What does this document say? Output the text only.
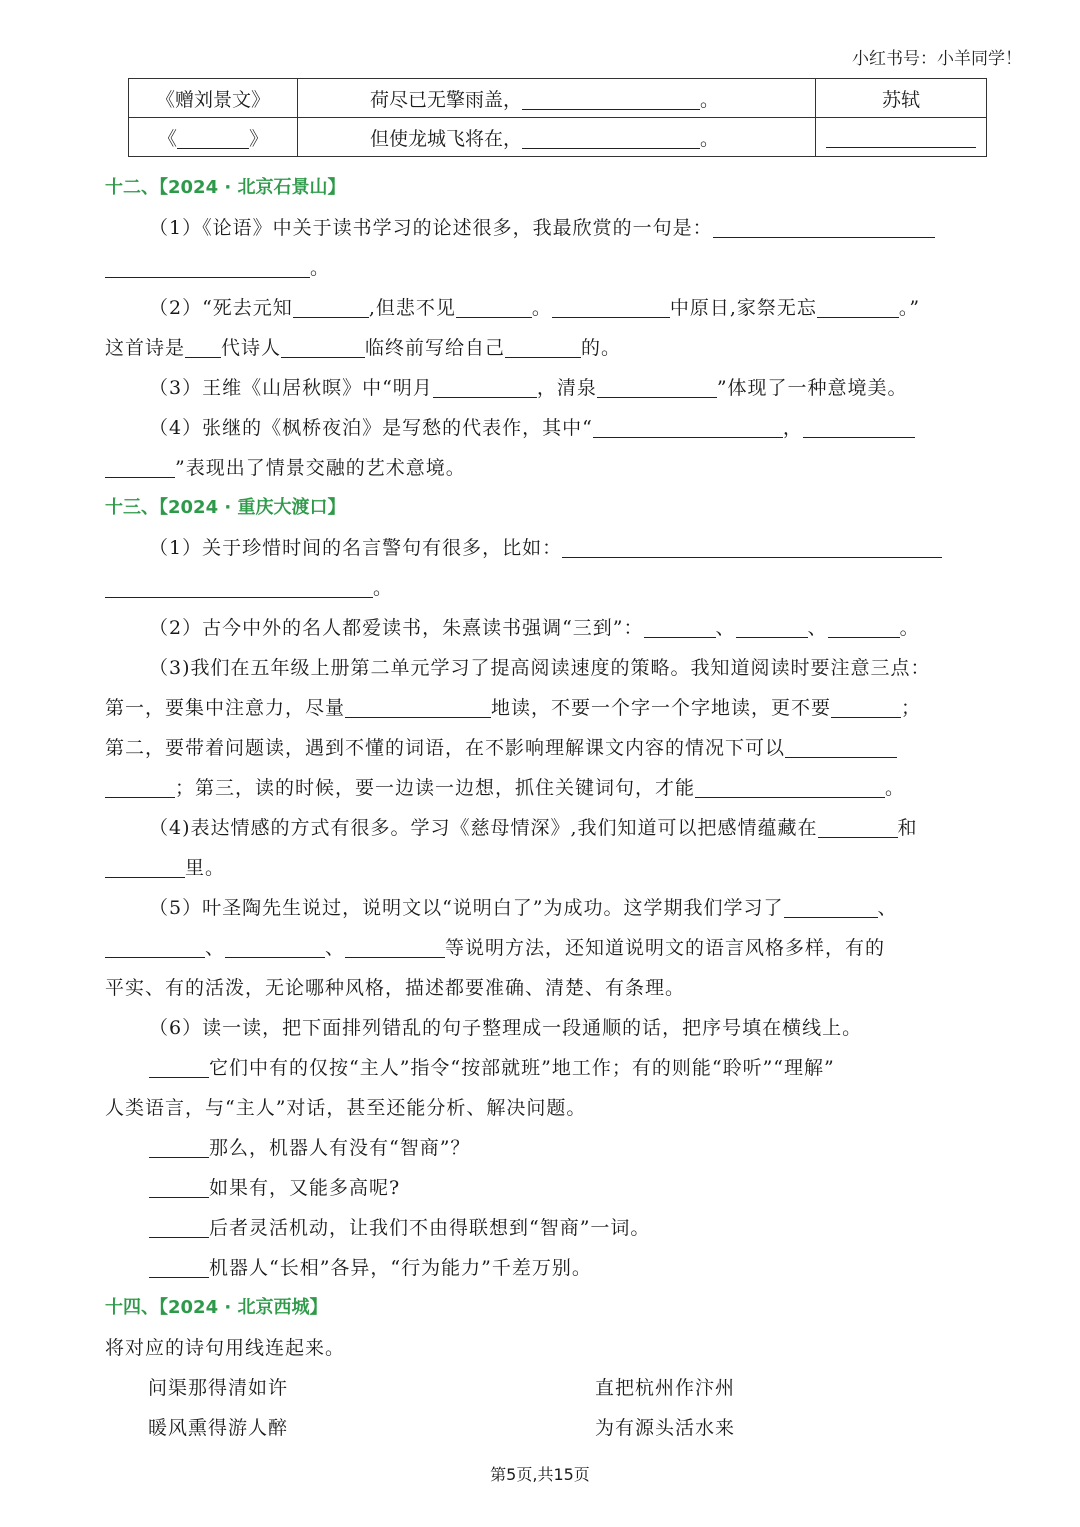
小红书号：小羊同学！
《赠刘景文》	荷尽已无擎雨盖， 。	苏轼
《 》	但使龙城飞将在， 。	
十二、【2024 · 北京石景山】
（1）《论语》中关于读书学习的论述很多，我最欣赏的一句是：
。
（2）“死去元知	,但悲不见	。	中原日,家祭无忘	。”
这首诗是 代诗人	临终前写给自己	的。
（3）王维《山居秋暝》中“明月	，清泉	”体现了一种意境美。
（4）张继的《枫桥夜泊》是写愁的代表作，其中“	，
”表现出了情景交融的艺术意境。
十三、【2024 · 重庆大渡口】
（1）关于珍惜时间的名言警句有很多，比如：
。
（2）古今中外的名人都爱读书，朱熹读书强调“三到”：	、	、	。
（3)我们在五年级上册第二单元学习了提高阅读速度的策略。我知道阅读时要注意三点：
第一，要集中注意力，尽量	地读，不要一个字一个字地读，更不要	；
第二，要带着问题读，遇到不懂的词语，在不影响理解课文内容的情况下可以
；第三，读的时候，要一边读一边想，抓住关键词句，才能	。
（4)表达情感的方式有很多。学习《慈母情深》,我们知道可以把感情蕴藏在	和
里。
（5）叶圣陶先生说过，说明文以“说明白了”为成功。这学期我们学习了	、
、	、	等说明方法，还知道说明文的语言风格多样，有的
平实、有的活泼，无论哪种风格，描述都要准确、清楚、有条理。
（6）读一读，把下面排列错乱的句子整理成一段通顺的话，把序号填在横线上。
它们中有的仅按“主人”指令“按部就班”地工作；有的则能“聆听”“理解”
人类语言，与“主人”对话，甚至还能分析、解决问题。
那么，机器人有没有“智商”？
如果有，又能多高呢?
后者灵活机动，让我们不由得联想到“智商”一词。
机器人“长相”各异，“行为能力”千差万别。
十四、【2024 · 北京西城】
将对应的诗句用线连起来。
问渠那得清如许	直把杭州作汴州
暖风熏得游人醉	为有源头活水来
第5页,共15页
